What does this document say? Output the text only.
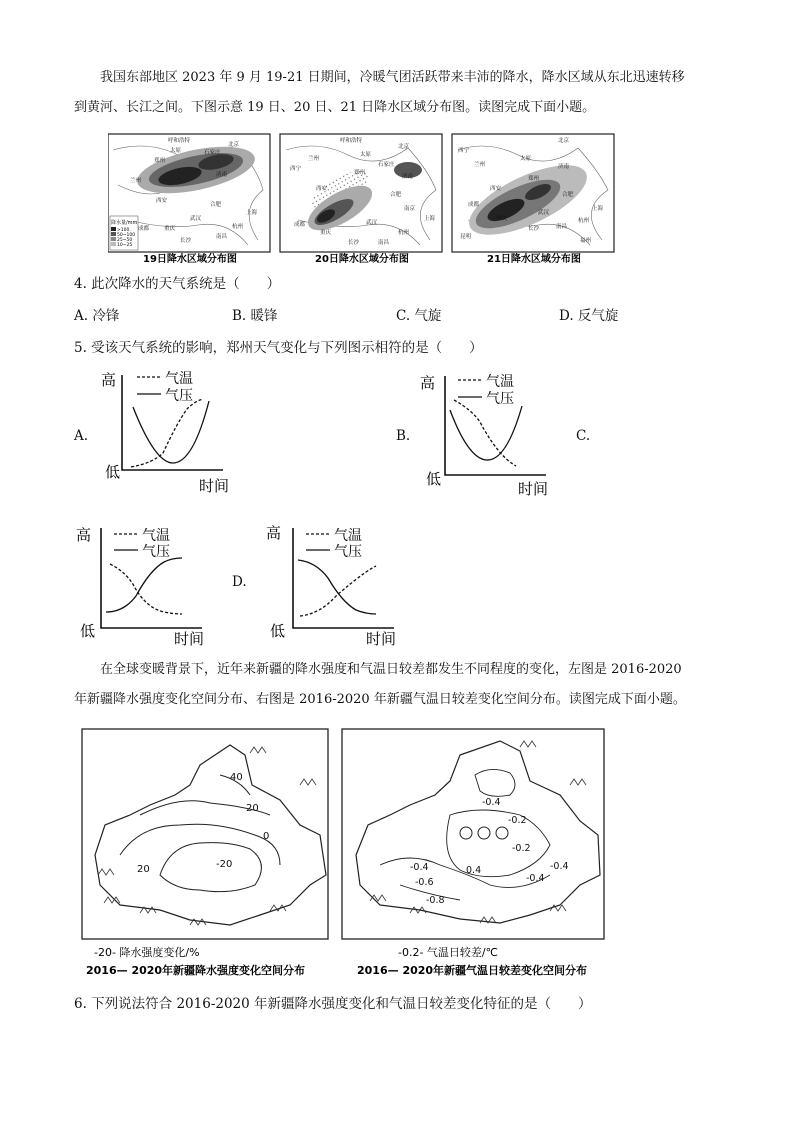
我国东部地区 2023 年 9 月 19-21 日期间，冷暖气团活跃带来丰沛的降水，降水区域从东北迅速转移
到黄河、长江之间。下图示意 19 日、20 日、21 日降水区域分布图。读图完成下面小题。
降水量/mm
>100
50~100
25~50
10~25
呼和浩特
太原
郑州
石家庄
北京
济南
兰州
西安
合肥
武汉
上海
杭州
成都	重庆
长沙
南昌
19日降水区域分布图
呼和浩特
北京
兰州
太原
郑州
石家庄
济南
西宁
西安
合肥
南京
上海
成都
重庆
武汉
杭州
长沙	南昌
20日降水区域分布图
北京
西宁
兰州
太原
郑州
济南
西安
合肥
成都
重庆
武汉
上海
长沙	南昌
杭州
昆明
福州
21日降水区域分布图
4. 此次降水的天气系统是（　　）
A. 冷锋	B. 暖锋	C. 气旋	D. 反气旋
5. 受该天气系统的影响，郑州天气变化与下列图示相符的是（　　）
A.	B.	C.
D.
高
低
时间
气温
气压
高
低
时间
气温
气压
高
低	时间
气温
气压
高
低	时间
气温
气压
在全球变暖背景下，近年来新疆的降水强度和气温日较差都发生不同程度的变化，左图是 2016-2020
年新疆降水强度变化空间分布、右图是 2016-2020 年新疆气温日较差变化空间分布。读图完成下面小题。
40
20
0
20	-20
-20- 降水强度变化/%
2016— 2020年新疆降水强度变化空间分布
-0.4
-0.2
-0.2
-0.4
-0.6
-0.8
0.4
-0.4
-0.4
-0.2- 气温日较差/℃
2016— 2020年新疆气温日较差变化空间分布
6. 下列说法符合 2016-2020 年新疆降水强度变化和气温日较差变化特征的是（　　）
